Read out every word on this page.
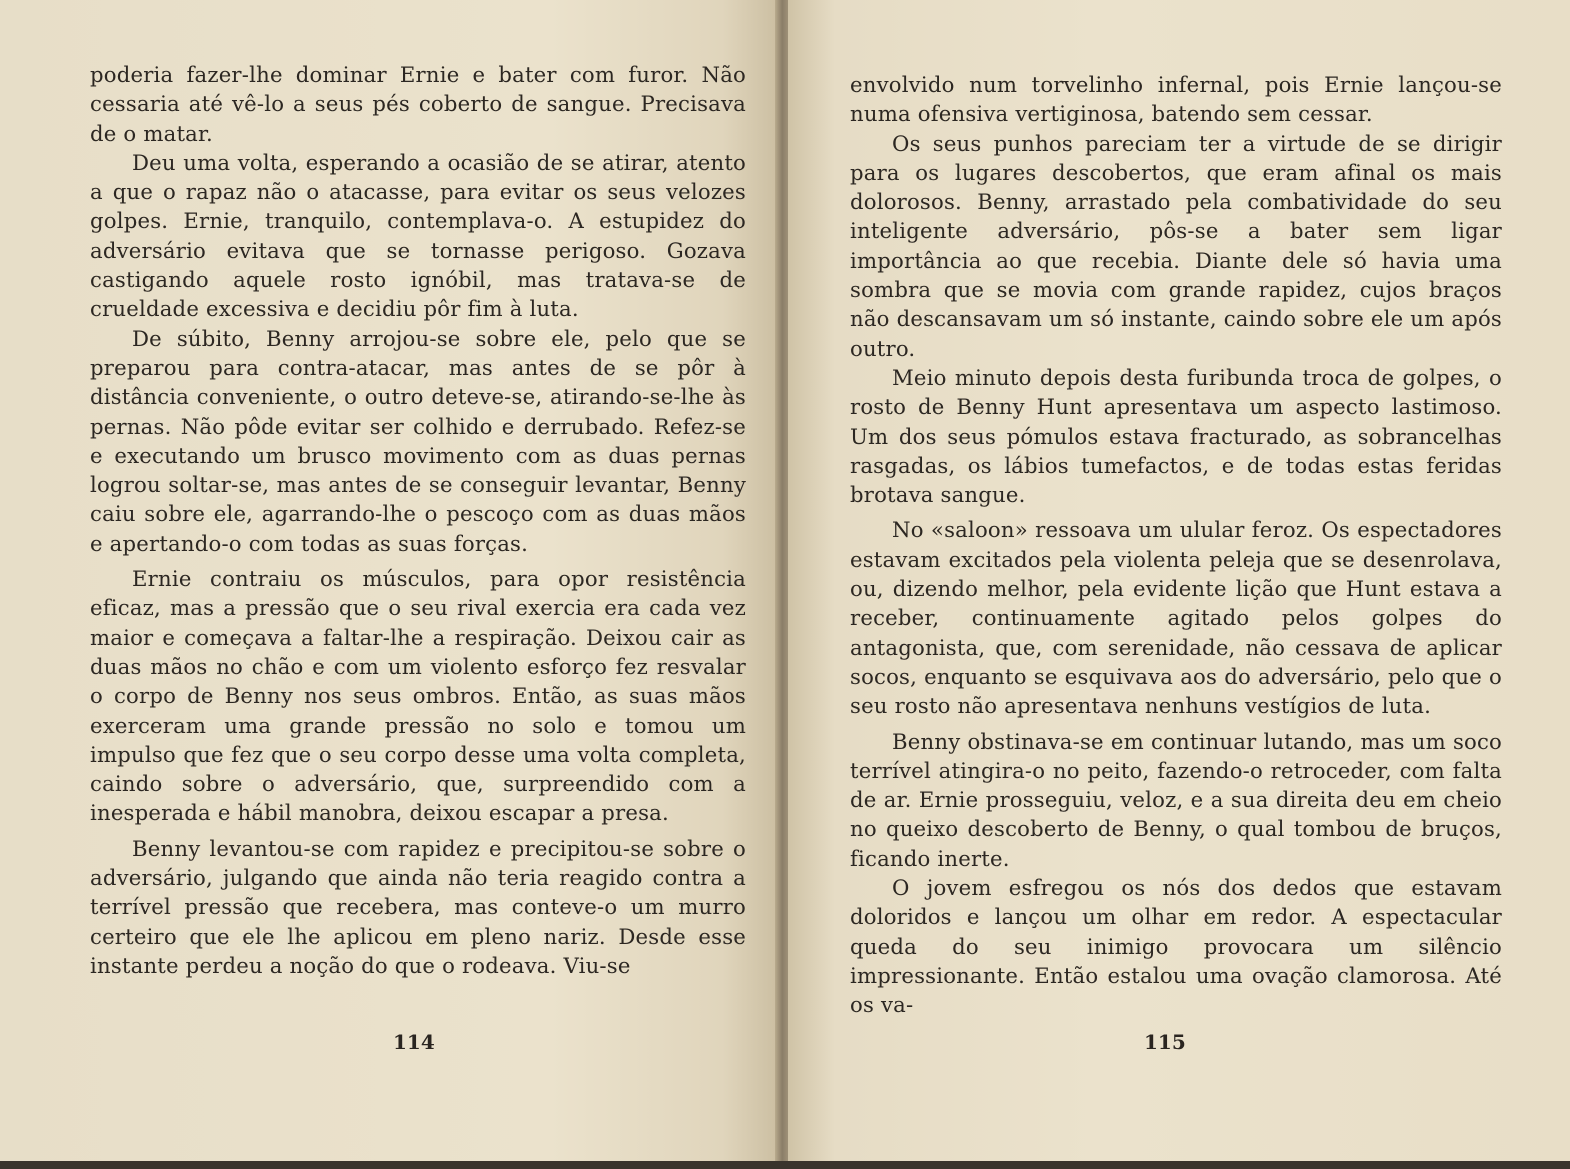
poderia fazer-lhe dominar Ernie e bater com furor. Não cessaria até vê-lo a seus pés coberto de sangue. Precisava de o matar.

Deu uma volta, esperando a ocasião de se atirar, atento a que o rapaz não o atacasse, para evitar os seus velozes golpes. Ernie, tranquilo, contemplava-o. A estupidez do adversário evitava que se tornasse perigoso. Gozava castigando aquele rosto ignóbil, mas tratava-se de crueldade excessiva e decidiu pôr fim à luta.

De súbito, Benny arrojou-se sobre ele, pelo que se preparou para contra-atacar, mas antes de se pôr à distância conveniente, o outro deteve-se, atirando-se-lhe às pernas. Não pôde evitar ser colhido e derrubado. Refez-se e executando um brusco movimento com as duas pernas logrou soltar-se, mas antes de se conseguir levantar, Benny caiu sobre ele, agarrando-lhe o pescoço com as duas mãos e apertando-o com todas as suas forças.

Ernie contraiu os músculos, para opor resistência eficaz, mas a pressão que o seu rival exercia era cada vez maior e começava a faltar-lhe a respiração. Deixou cair as duas mãos no chão e com um violento esforço fez resvalar o corpo de Benny nos seus ombros. Então, as suas mãos exerceram uma grande pressão no solo e tomou um impulso que fez que o seu corpo desse uma volta completa, caindo sobre o adversário, que, surpreendido com a inesperada e hábil manobra, deixou escapar a presa.

Benny levantou-se com rapidez e precipitou-se sobre o adversário, julgando que ainda não teria reagido contra a terrível pressão que recebera, mas conteve-o um murro certeiro que ele lhe aplicou em pleno nariz. Desde esse instante perdeu a noção do que o rodeava. Viu-se

114

envolvido num torvelinho infernal, pois Ernie lançou-se numa ofensiva vertiginosa, batendo sem cessar.

Os seus punhos pareciam ter a virtude de se dirigir para os lugares descobertos, que eram afinal os mais dolorosos. Benny, arrastado pela combatividade do seu inteligente adversário, pôs-se a bater sem ligar importância ao que recebia. Diante dele só havia uma sombra que se movia com grande rapidez, cujos braços não descansavam um só instante, caindo sobre ele um após outro.

Meio minuto depois desta furibunda troca de golpes, o rosto de Benny Hunt apresentava um aspecto lastimoso. Um dos seus pómulos estava fracturado, as sobrancelhas rasgadas, os lábios tumefactos, e de todas estas feridas brotava sangue.

No «saloon» ressoava um ulular feroz. Os espectadores estavam excitados pela violenta peleja que se desenrolava, ou, dizendo melhor, pela evidente lição que Hunt estava a receber, continuamente agitado pelos golpes do antagonista, que, com serenidade, não cessava de aplicar socos, enquanto se esquivava aos do adversário, pelo que o seu rosto não apresentava nenhuns vestígios de luta.

Benny obstinava-se em continuar lutando, mas um soco terrível atingira-o no peito, fazendo-o retroceder, com falta de ar. Ernie prosseguiu, veloz, e a sua direita deu em cheio no queixo descoberto de Benny, o qual tombou de bruços, ficando inerte.

O jovem esfregou os nós dos dedos que estavam doloridos e lançou um olhar em redor. A espectacular queda do seu inimigo provocara um silêncio impressionante. Então estalou uma ovação clamorosa. Até os va-

115
